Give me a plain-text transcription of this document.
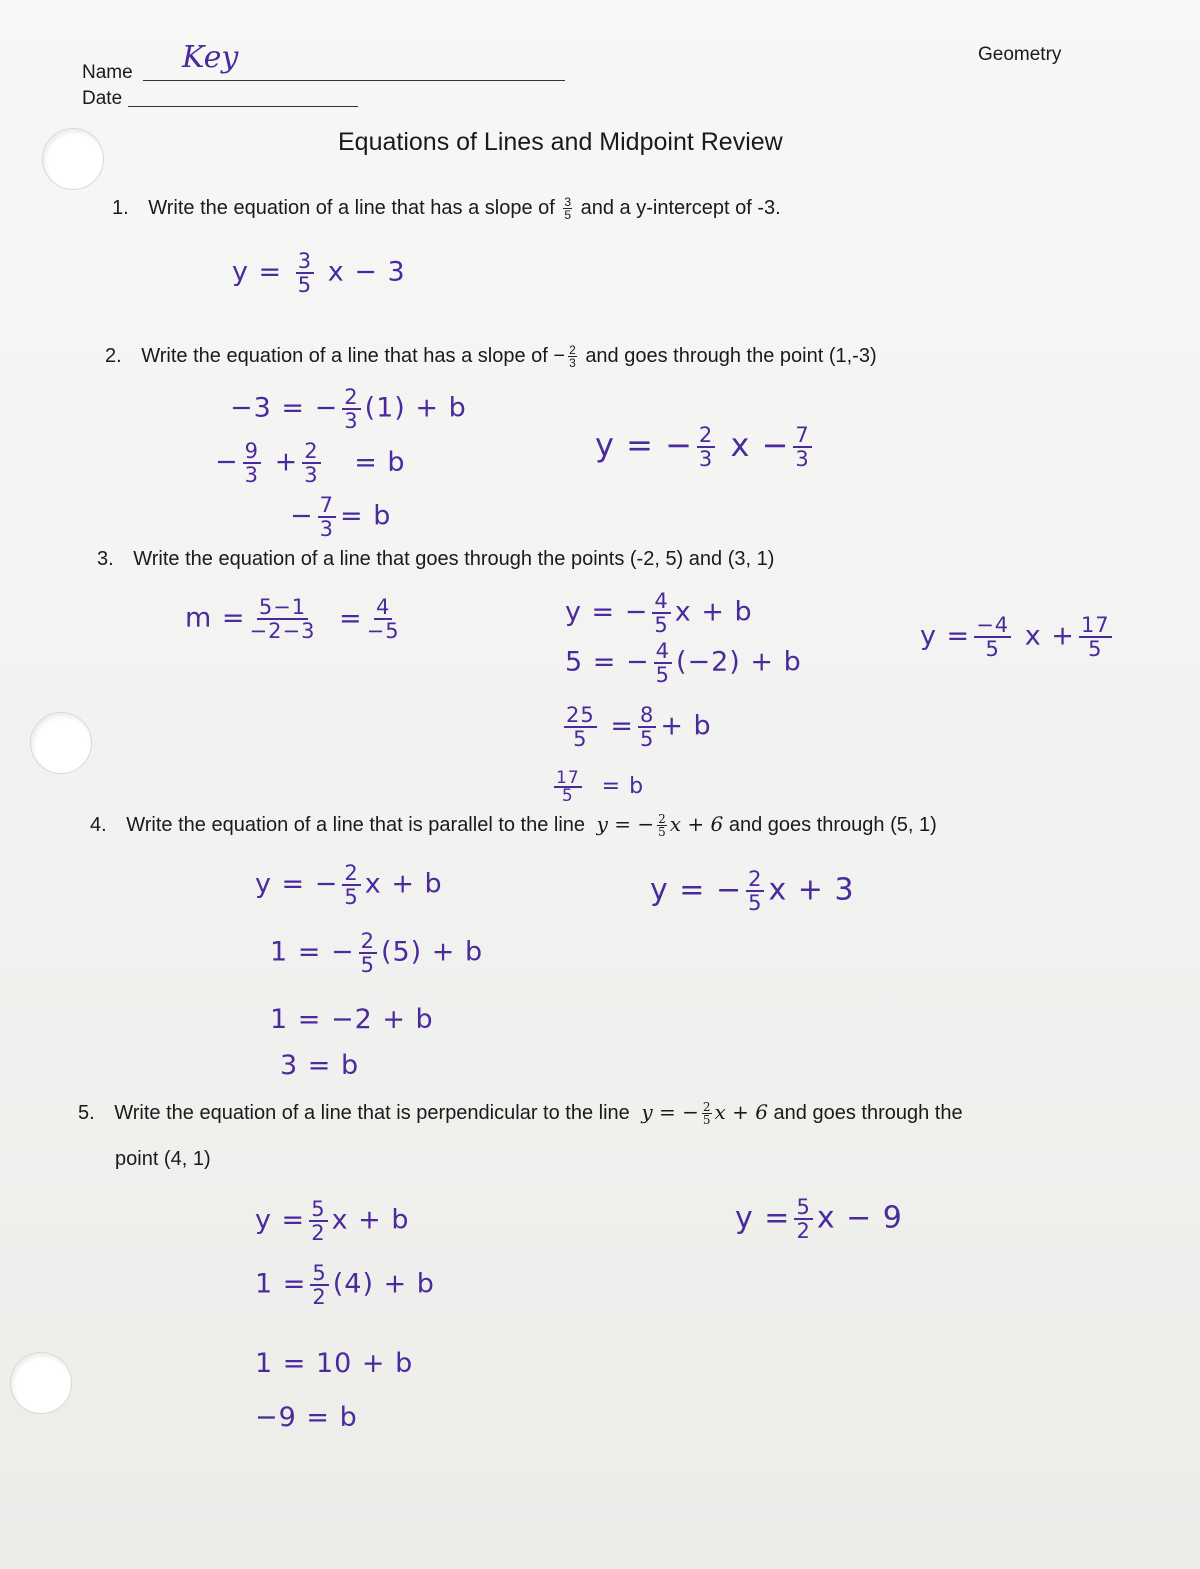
Name Key
Date
Geometry
Equations of Lines and Midpoint Review
1. Write the equation of a line that has a slope of $\frac{3}{5}$ and a y-intercept of -3.
$y = \frac{3}{5}$ x − 3
2. Write the equation of a line that has a slope of − $\frac{2}{3}$ and goes through the point (1,-3)
−3 = − $\frac{2}{3} (1) + b$
− $\frac{9}{3} + \frac{2}{3} = b$
− $\frac{7}{3} = b$
y = − $\frac{2}{3}$ $x - \frac{7}{3}$
3. Write the equation of a line that goes through the points (-2, 5) and (3, 1)
$m = \frac{5-1}{-2-3} = \frac{4}{-5}$	y = − $\frac{4}{5}$ x + b
5 = − $\frac{4}{5} (-2) + b$
$\frac{25}{5} = \frac{8}{5} + b$
$\frac{17}{5} = b$
$y = \frac{-4}{5}$ $x + \frac{17}{5}$
4. Write the equation of a line that is parallel to the line y = − $\frac{2}{5}$ x + 6 and goes through (5, 1)
y = − $\frac{2}{5}$ x + b
1 = − $\frac{2}{5} (5) + b$
1 = −2 + b
3 = b
y = − $\frac{2}{5}$ x + 3
5. Write the equation of a line that is perpendicular to the line y = − $\frac{2}{5}$ x + 6 and goes through the
point (4, 1)
$y = \frac{5}{2}$ x + b
$1 = \frac{5}{2} (4) + b$
1 = 10 + b
−9 = b
$y = \frac{5}{2}$ x − 9
